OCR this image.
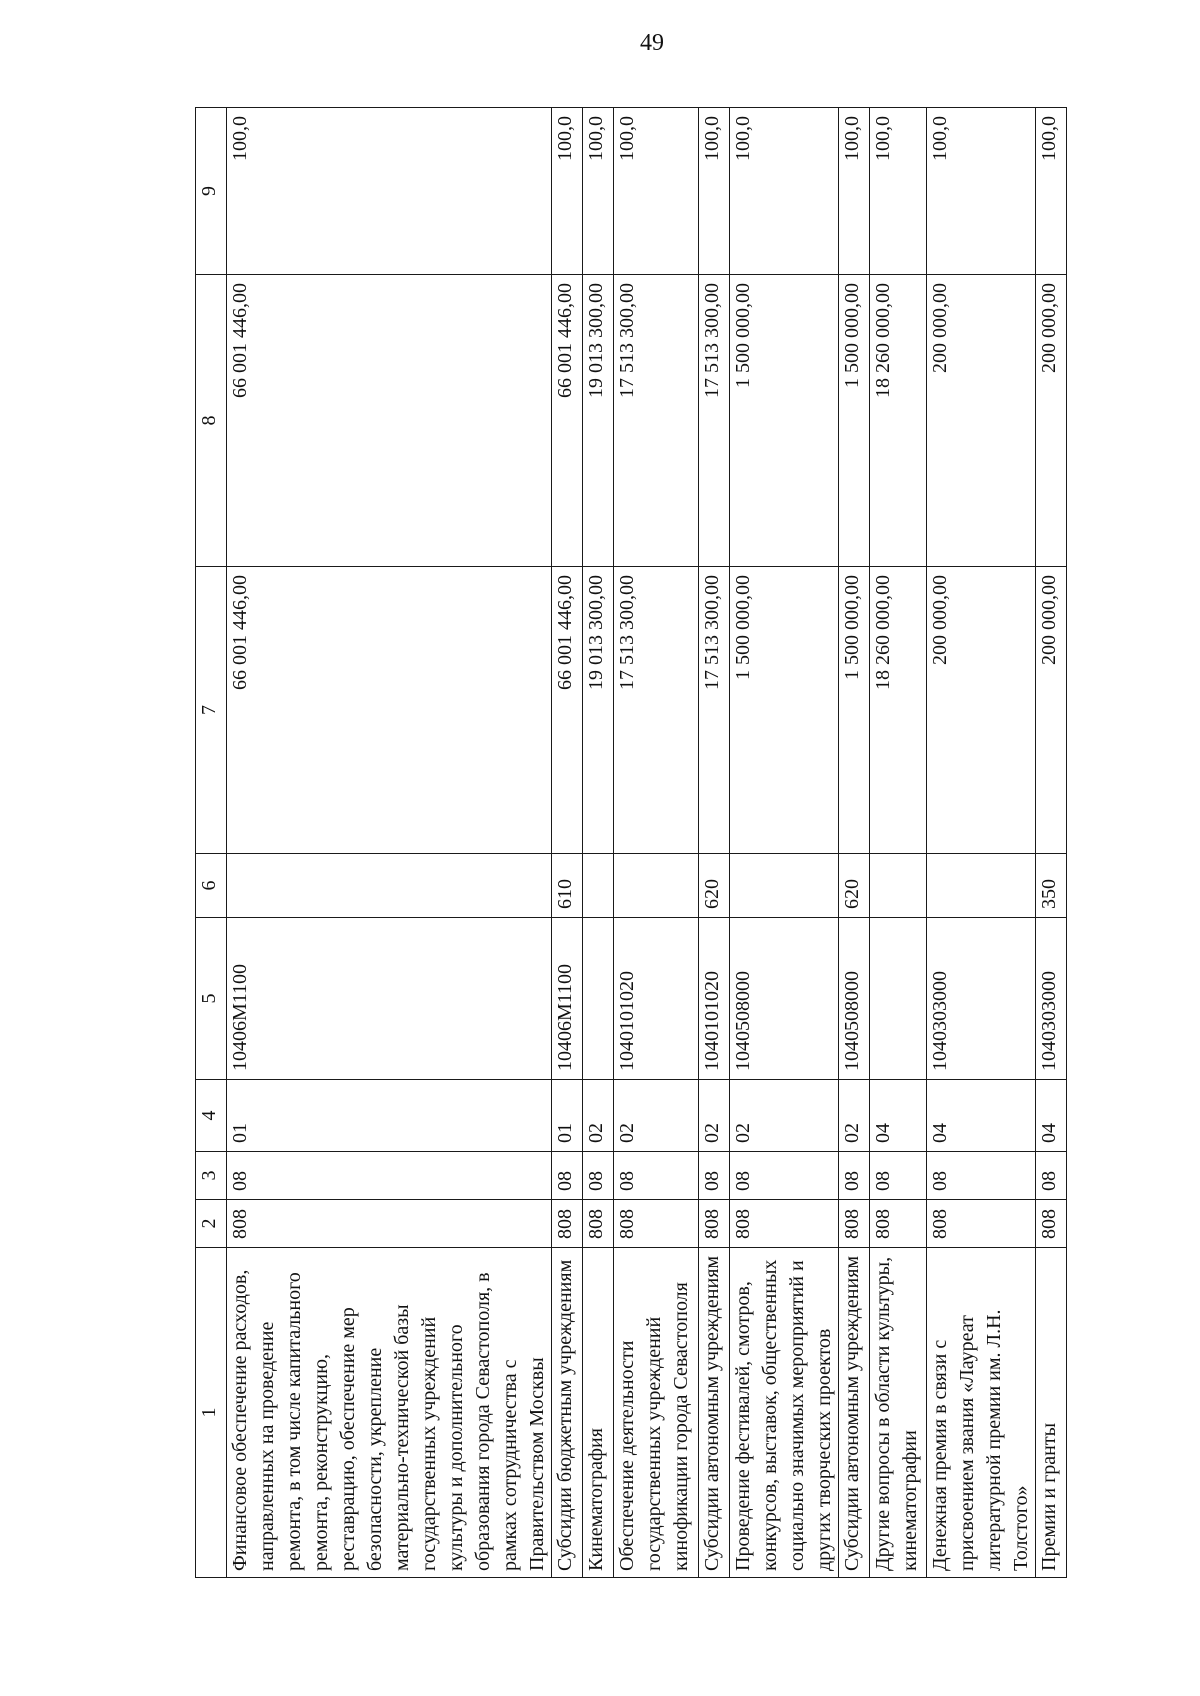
49
1	2	3	4	5	6	7	8	9
Финансовое обеспечение расходов, направленных на проведение ремонта, в том числе капитального ремонта, реконструкцию, реставрацию, обеспечение мер безопасности, укрепление материально-технической базы государственных учреждений культуры и дополнительного образования города Севастополя, в рамках сотрудничества с Правительством Москвы	808	08	01	10406М1100		66 001 446,00	66 001 446,00	100,0
Субсидии бюджетным учреждениям	808	08	01	10406М1100	610	66 001 446,00	66 001 446,00	100,0
Кинематография	808	08	02			19 013 300,00	19 013 300,00	100,0
Обеспечение деятельности государственных учреждений кинофикации города Севастополя	808	08	02	1040101020		17 513 300,00	17 513 300,00	100,0
Субсидии автономным учреждениям	808	08	02	1040101020	620	17 513 300,00	17 513 300,00	100,0
Проведение фестивалей, смотров, конкурсов, выставок, общественных социально значимых мероприятий и других творческих проектов	808	08	02	1040508000		1 500 000,00	1 500 000,00	100,0
Субсидии автономным учреждениям	808	08	02	1040508000	620	1 500 000,00	1 500 000,00	100,0
Другие вопросы в области культуры, кинематографии	808	08	04			18 260 000,00	18 260 000,00	100,0
Денежная премия в связи с присвоением звания «Лауреат литературной премии им. Л.Н. Толстого»	808	08	04	1040303000		200 000,00	200 000,00	100,0
Премии и гранты	808	08	04	1040303000	350	200 000,00	200 000,00	100,0
